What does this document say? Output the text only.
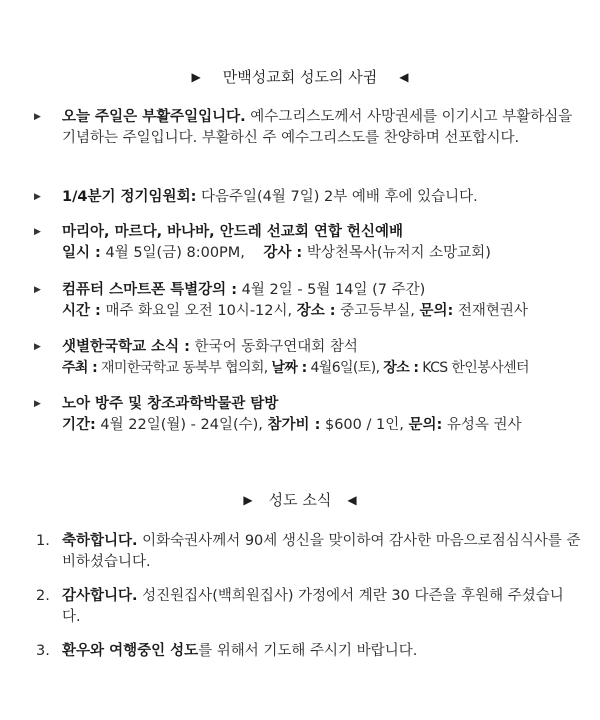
▶ 만백성교회 성도의 사귐 ◀
▶ 오늘 주일은 부활주일입니다. 예수그리스도께서 사망권세를 이기시고 부활하심을 기념하는 주일입니다. 부활하신 주 예수그리스도를 찬양하며 선포합시다.
▶ 1/4분기 정기임원회: 다음주일(4월 7일) 2부 예배 후에 있습니다.
▶ 마리아, 마르다, 바나바, 안드레 선교회 연합 헌신예배
일시 : 4월 5일(금) 8:00PM, 강사 : 박상천목사(뉴저지 소망교회)
▶ 컴퓨터 스마트폰 특별강의 : 4월 2일 - 5월 14일 (7 주간)
시간 : 매주 화요일 오전 10시-12시, 장소 : 중고등부실, 문의: 전재현권사
▶ 샛별한국학교 소식 : 한국어 동화구연대회 참석
주최 : 재미한국학교 동북부 협의회, 날짜 : 4월6일(토), 장소 : KCS 한인봉사센터
▶ 노아 방주 및 창조과학박물관 탐방
기간: 4월 22일(월) - 24일(수), 참가비 : $600 / 1인, 문의: 유성옥 권사
▶ 성도 소식 ◀
1. 축하합니다. 이화숙권사께서 90세 생신을 맞이하여 감사한 마음으로점심식사를 준비하셨습니다.
2. 감사합니다. 성진원집사(백희원집사) 가정에서 계란 30 다즌을 후원해 주셨습니다.
3. 환우와 여행중인 성도를 위해서 기도해 주시기 바랍니다.
